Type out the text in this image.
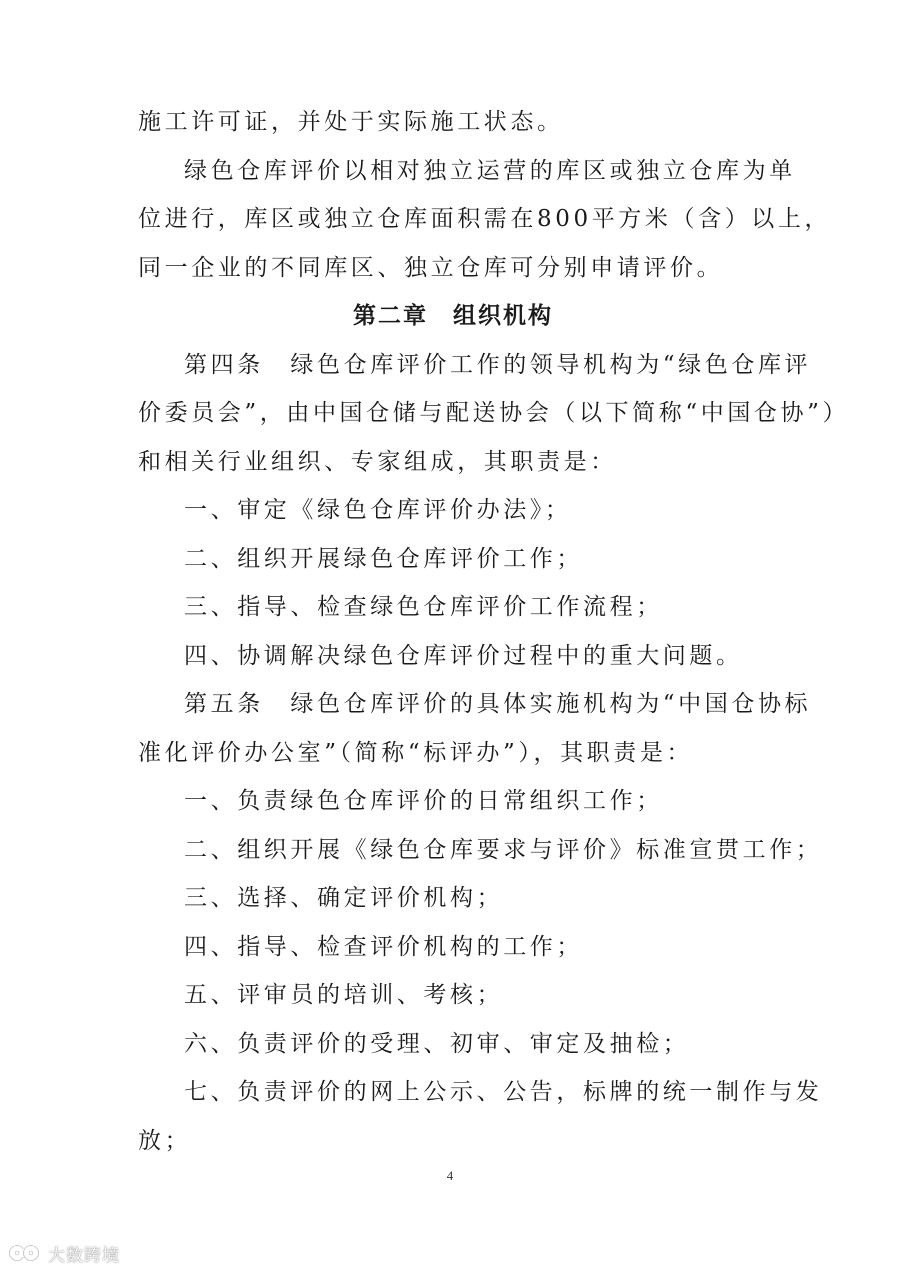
施工许可证，并处于实际施工状态。
绿色仓库评价以相对独立运营的库区或独立仓库为单
位进行，库区或独立仓库面积需在800平方米（含）以上，
同一企业的不同库区、独立仓库可分别申请评价。
第二章　组织机构
第四条　绿色仓库评价工作的领导机构为“绿色仓库评
价委员会”，由中国仓储与配送协会（以下简称“中国仓协”）
和相关行业组织、专家组成，其职责是：
一、审定《绿色仓库评价办法》；
二、组织开展绿色仓库评价工作；
三、指导、检查绿色仓库评价工作流程；
四、协调解决绿色仓库评价过程中的重大问题。
第五条　绿色仓库评价的具体实施机构为“中国仓协标
准化评价办公室”（简称“标评办”），其职责是：
一、负责绿色仓库评价的日常组织工作；
二、组织开展《绿色仓库要求与评价》标准宣贯工作；
三、选择、确定评价机构；
四、指导、检查评价机构的工作；
五、评审员的培训、考核；
六、负责评价的受理、初审、审定及抽检；
七、负责评价的网上公示、公告，标牌的统一制作与发
放；
4
大数跨境
